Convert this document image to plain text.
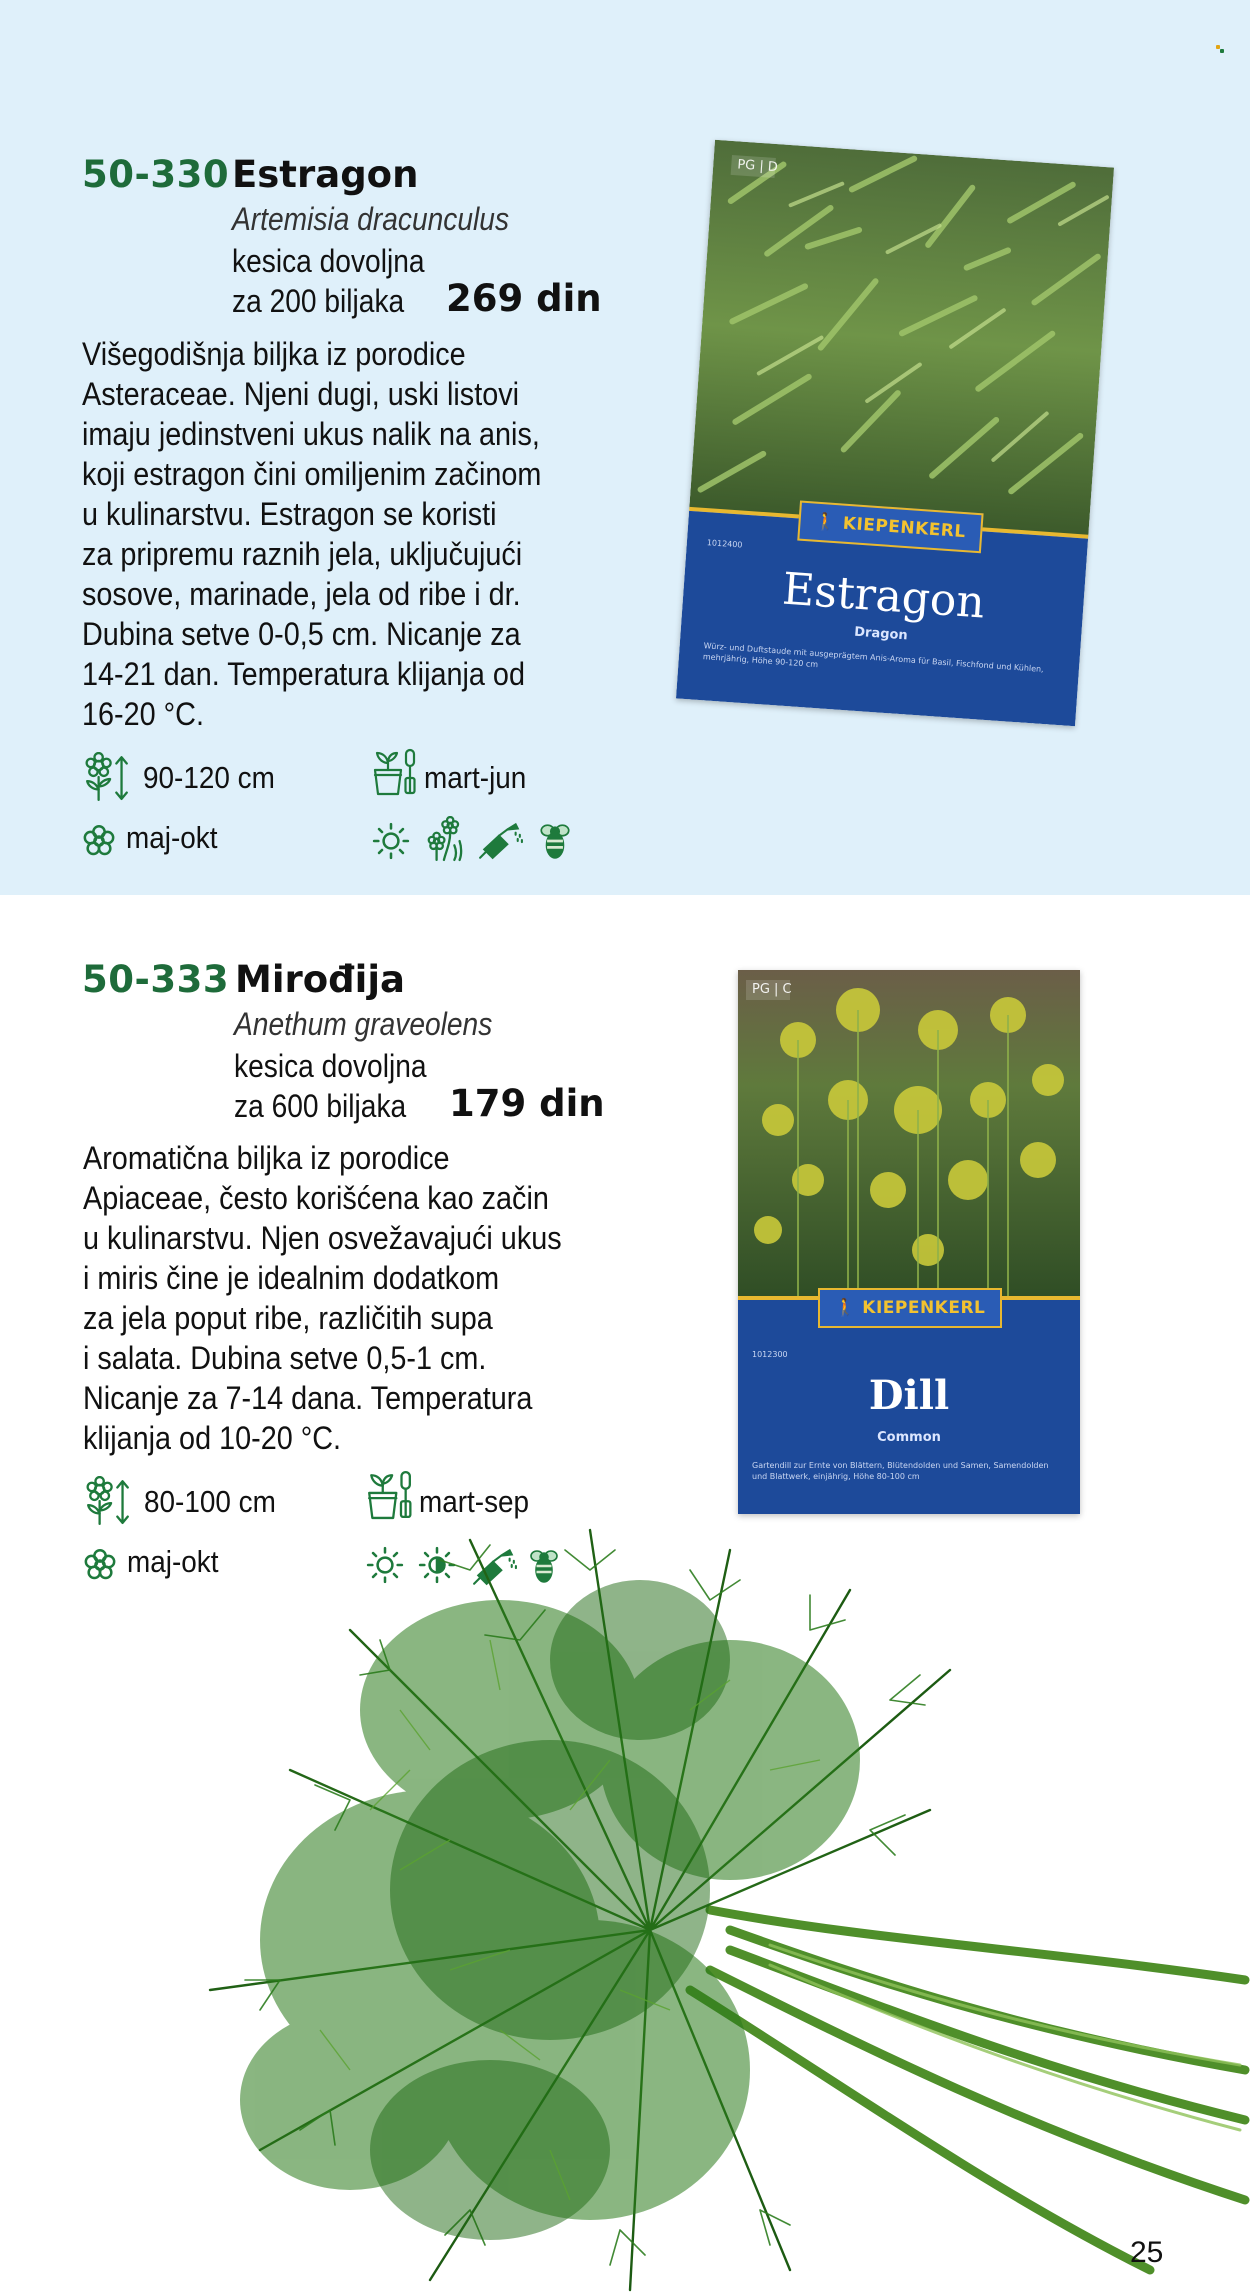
50-330 Estragon
Artemisia dracunculus
kesica dovoljna
za 200 biljaka 269 din
Višegodišnja biljka iz porodice
Asteraceae. Njeni dugi, uski listovi
imaju jedinstveni ukus nalik na anis,
koji estragon čini omiljenim začinom
u kulinarstvu. Estragon se koristi
za pripremu raznih jela, uključujući
sosove, marinade, jela od ribe i dr.
Dubina setve 0-0,5 cm. Nicanje za
14-21 dan. Temperatura klijanja od
16-20 °C.
90-120 cm	mart-jun
maj-okt
PG | D
🚶 KIEPENKERL
1012400
Estragon
Dragon
Würz- und Duftstaude mit ausgeprägtem Anis-Aroma für Basil, Fischfond und Kühlen, mehrjährig, Höhe 90-120 cm
50-333 Mirođija
Anethum graveolens
kesica dovoljna
za 600 biljaka 179 din
Aromatična biljka iz porodice
Apiaceae, često korišćena kao začin
u kulinarstvu. Njen osvežavajući ukus
i miris čine je idealnim dodatkom
za jela poput ribe, različitih supa
i salata. Dubina setve 0,5-1 cm.
Nicanje za 7-14 dana. Temperatura
klijanja od 10-20 °C.
80-100 cm	mart-sep
maj-okt
PG | C
🚶 KIEPENKERL
1012300
Dill
Common
Gartendill zur Ernte von Blättern, Blütendolden und Samen, Samendolden und Blattwerk, einjährig, Höhe 80-100 cm
25
